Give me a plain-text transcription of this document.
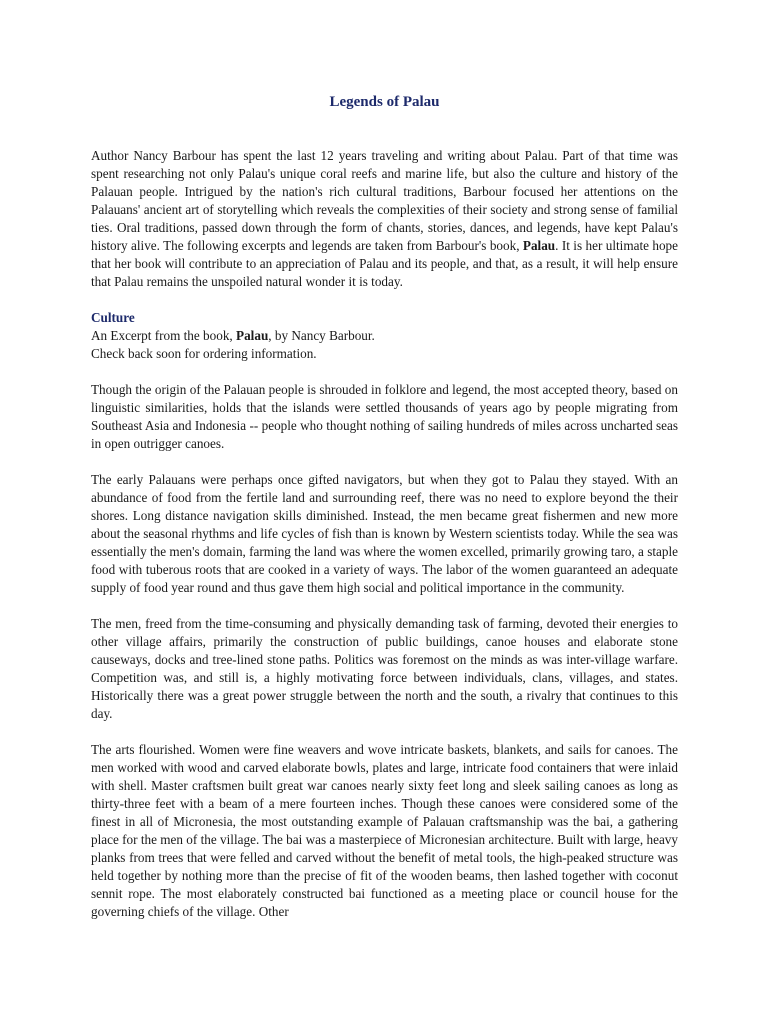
Legends of Palau

Author Nancy Barbour has spent the last 12 years traveling and writing about Palau. Part of that time was spent researching not only Palau's unique coral reefs and marine life, but also the culture and history of the Palauan people. Intrigued by the nation's rich cultural traditions, Barbour focused her attentions on the Palauans' ancient art of storytelling which reveals the complexities of their society and strong sense of familial ties. Oral traditions, passed down through the form of chants, stories, dances, and legends, have kept Palau's history alive. The following excerpts and legends are taken from Barbour's book, Palau. It is her ultimate hope that her book will contribute to an appreciation of Palau and its people, and that, as a result, it will help ensure that Palau remains the unspoiled natural wonder it is today.

Culture

An Excerpt from the book, Palau, by Nancy Barbour.

Check back soon for ordering information.

Though the origin of the Palauan people is shrouded in folklore and legend, the most accepted theory, based on linguistic similarities, holds that the islands were settled thousands of years ago by people migrating from Southeast Asia and Indonesia -- people who thought nothing of sailing hundreds of miles across uncharted seas in open outrigger canoes.

The early Palauans were perhaps once gifted navigators, but when they got to Palau they stayed. With an abundance of food from the fertile land and surrounding reef, there was no need to explore beyond the their shores. Long distance navigation skills diminished. Instead, the men became great fishermen and new more about the seasonal rhythms and life cycles of fish than is known by Western scientists today. While the sea was essentially the men's domain, farming the land was where the women excelled, primarily growing taro, a staple food with tuberous roots that are cooked in a variety of ways. The labor of the women guaranteed an adequate supply of food year round and thus gave them high social and political importance in the community.

The men, freed from the time-consuming and physically demanding task of farming, devoted their energies to other village affairs, primarily the construction of public buildings, canoe houses and elaborate stone causeways, docks and tree-lined stone paths. Politics was foremost on the minds as was inter-village warfare. Competition was, and still is, a highly motivating force between individuals, clans, villages, and states. Historically there was a great power struggle between the north and the south, a rivalry that continues to this day.

The arts flourished. Women were fine weavers and wove intricate baskets, blankets, and sails for canoes. The men worked with wood and carved elaborate bowls, plates and large, intricate food containers that were inlaid with shell. Master craftsmen built great war canoes nearly sixty feet long and sleek sailing canoes as long as thirty-three feet with a beam of a mere fourteen inches. Though these canoes were considered some of the finest in all of Micronesia, the most outstanding example of Palauan craftsmanship was the bai, a gathering place for the men of the village. The bai was a masterpiece of Micronesian architecture. Built with large, heavy planks from trees that were felled and carved without the benefit of metal tools, the high-peaked structure was held together by nothing more than the precise of fit of the wooden beams, then lashed together with coconut sennit rope. The most elaborately constructed bai functioned as a meeting place or council house for the governing chiefs of the village. Other
